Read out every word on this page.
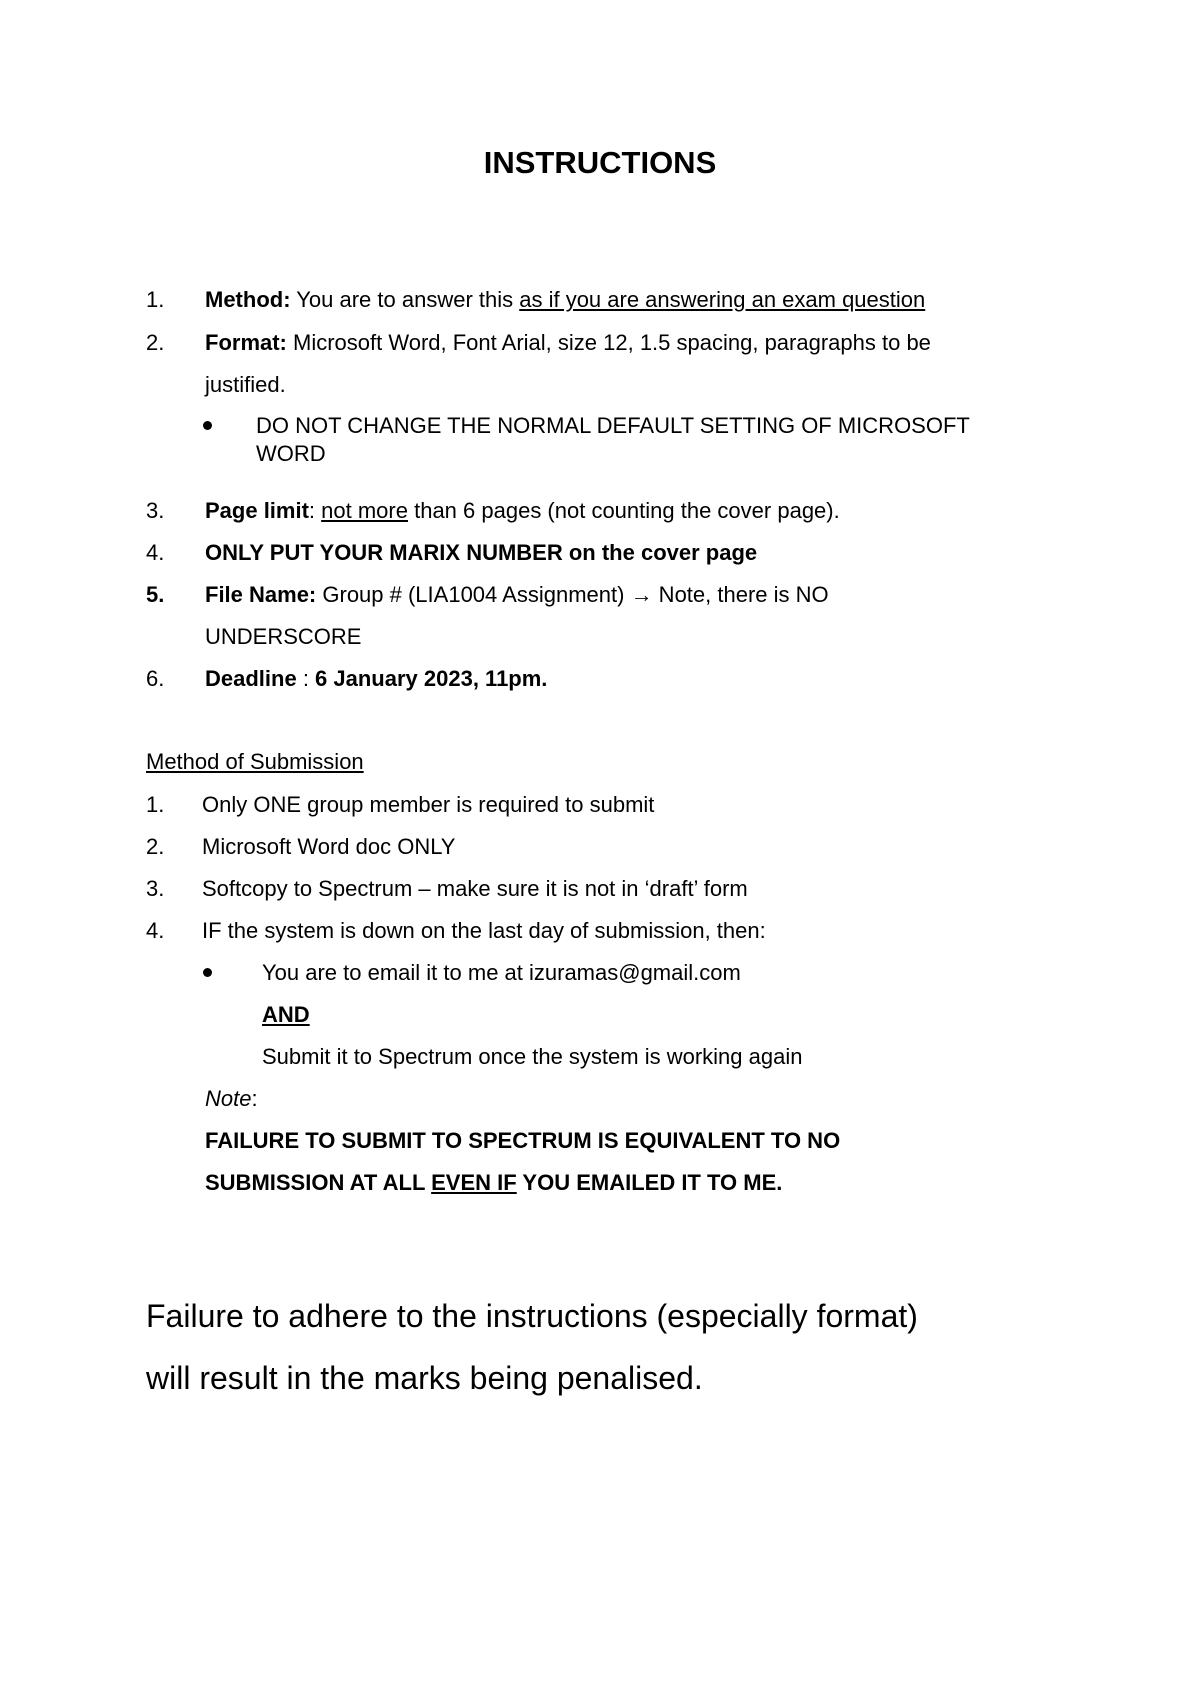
INSTRUCTIONS
1. Method: You are to answer this as if you are answering an exam question
2. Format: Microsoft Word, Font Arial, size 12, 1.5 spacing, paragraphs to be
justified.
DO NOT CHANGE THE NORMAL DEFAULT SETTING OF MICROSOFT
WORD
3. Page limit: not more than 6 pages (not counting the cover page).
4. ONLY PUT YOUR MARIX NUMBER on the cover page
5. File Name: Group # (LIA1004 Assignment) → Note, there is NO
UNDERSCORE
6. Deadline : 6 January 2023, 11pm.
Method of Submission
1. Only ONE group member is required to submit
2. Microsoft Word doc ONLY
3. Softcopy to Spectrum – make sure it is not in ‘draft’ form
4. IF the system is down on the last day of submission, then:
You are to email it to me at izuramas@gmail.com
AND
Submit it to Spectrum once the system is working again
Note:
FAILURE TO SUBMIT TO SPECTRUM IS EQUIVALENT TO NO
SUBMISSION AT ALL EVEN IF YOU EMAILED IT TO ME.
Failure to adhere to the instructions (especially format)
will result in the marks being penalised.
